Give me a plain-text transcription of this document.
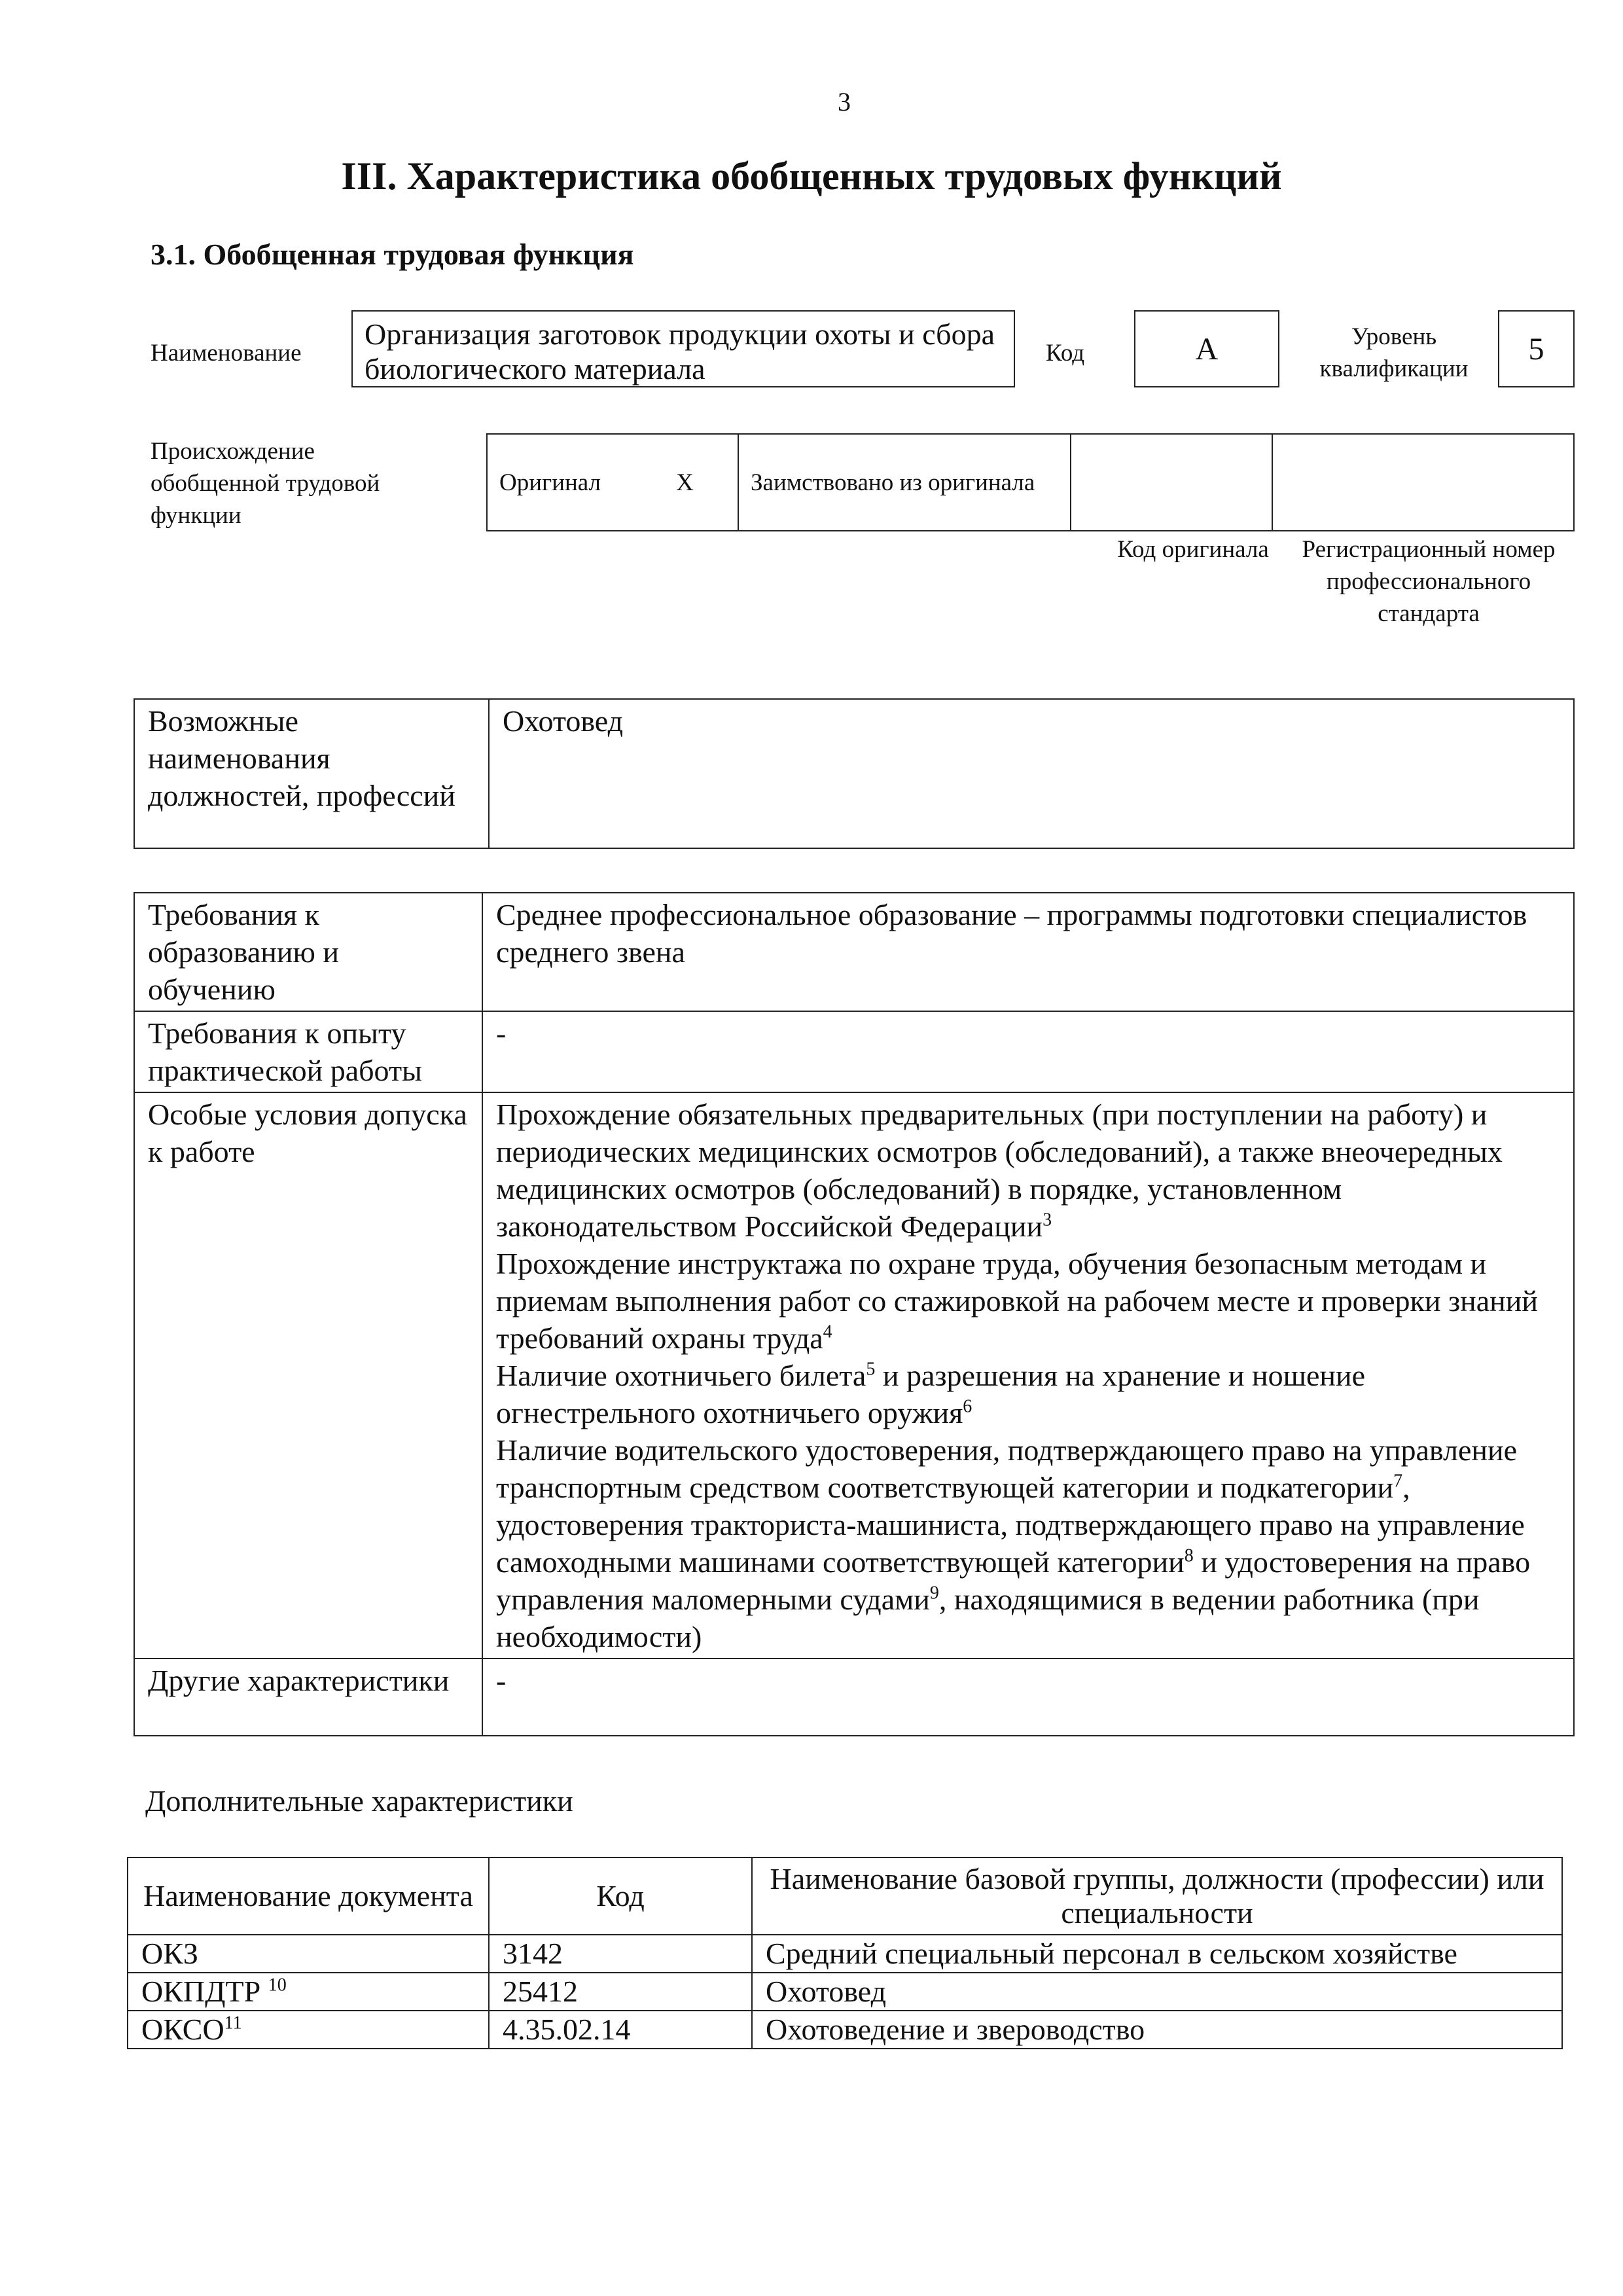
3
III. Характеристика обобщенных трудовых функций
3.1. Обобщенная трудовая функция
Наименование
Организация заготовок продукции охоты и сбора биологического материала	Код	А	Уровень квалификации
5
Происхождение обобщенной трудовой функции
Оригинал	Х	Заимствовано из оригинала		
Код оригинала	Регистрационный номер профессионального стандарта
Возможные наименования должностей, профессий	Охотовед
Требования к образованию и обучению	Среднее профессиональное образование – программы подготовки специалистов среднего звена
Требования к опыту практической работы	-
Особые условия допуска к работе	Прохождение обязательных предварительных (при поступлении на работу) и периодических медицинских осмотров (обследований), а также внеочередных медицинских осмотров (обследований) в порядке, установленном законодательством Российской Федерации$^3$
Прохождение инструктажа по охране труда, обучения безопасным методам и приемам выполнения работ со стажировкой на рабочем месте и проверки знаний требований охраны труда$^4$
Наличие охотничьего билета$^5$ и разрешения на хранение и ношение огнестрельного охотничьего оружия$^6$
Наличие водительского удостоверения, подтверждающего право на управление транспортным средством соответствующей категории и подкатегории$^7$, удостоверения тракториста-машиниста, подтверждающего право на управление самоходными машинами соответствующей категории$^8$ и удостоверения на право управления маломерными судами$^9$, находящимися в ведении работника (при необходимости)

Другие характеристики	-
Дополнительные характеристики
Наименование документа	Код	Наименование базовой группы, должности (профессии) или специальности
ОКЗ	3142	Средний специальный персонал в сельском хозяйстве
ОКПДТР $^{10}$	25412	Охотовед
ОКСО$^{11}$	4.35.02.14	Охотоведение и звероводство
